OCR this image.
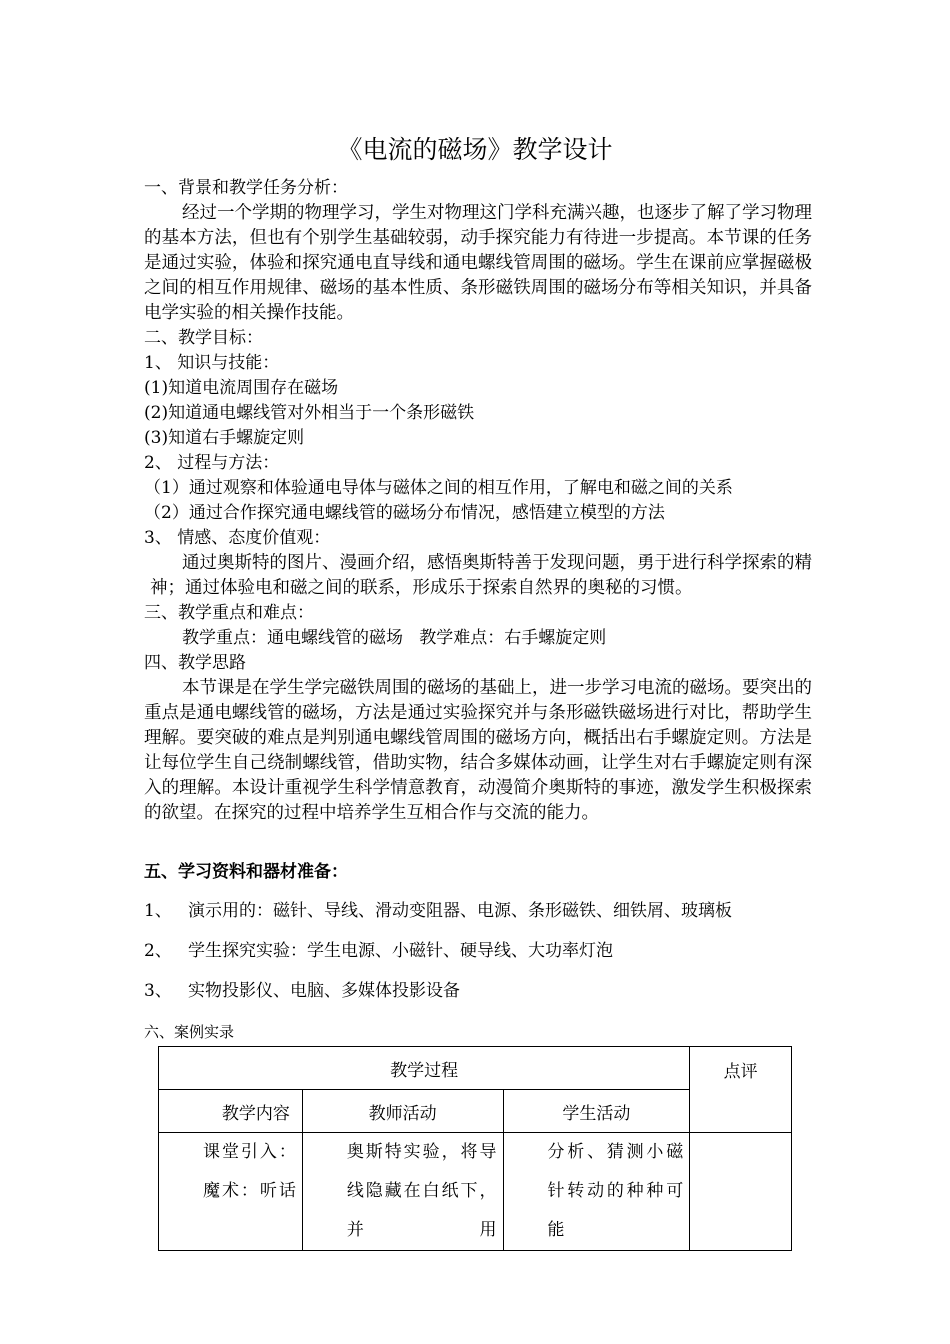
《电流的磁场》教学设计
一、背景和教学任务分析：
经过一个学期的物理学习，学生对物理这门学科充满兴趣，也逐步了解了学习物理的基本方法，但也有个别学生基础较弱，动手探究能力有待进一步提高。本节课的任务是通过实验，体验和探究通电直导线和通电螺线管周围的磁场。学生在课前应掌握磁极之间的相互作用规律、磁场的基本性质、条形磁铁周围的磁场分布等相关知识，并具备电学实验的相关操作技能。
二、教学目标：
1、 知识与技能：
(1)知道电流周围存在磁场
(2)知道通电螺线管对外相当于一个条形磁铁
(3)知道右手螺旋定则
2、 过程与方法：
（1）通过观察和体验通电导体与磁体之间的相互作用，了解电和磁之间的关系
（2）通过合作探究通电螺线管的磁场分布情况，感悟建立模型的方法
3、 情感、态度价值观：
通过奥斯特的图片、漫画介绍，感悟奥斯特善于发现问题，勇于进行科学探索的精神；通过体验电和磁之间的联系，形成乐于探索自然界的奥秘的习惯。
三、教学重点和难点：
教学重点：通电螺线管的磁场   教学难点：右手螺旋定则
四、教学思路
本节课是在学生学完磁铁周围的磁场的基础上，进一步学习电流的磁场。要突出的重点是通电螺线管的磁场，方法是通过实验探究并与条形磁铁磁场进行对比，帮助学生理解。要突破的难点是判别通电螺线管周围的磁场方向，概括出右手螺旋定则。方法是让每位学生自己绕制螺线管，借助实物，结合多媒体动画，让学生对右手螺旋定则有深入的理解。本设计重视学生科学情意教育，动漫简介奥斯特的事迹，激发学生积极探索的欲望。在探究的过程中培养学生互相合作与交流的能力。
五、学习资料和器材准备：
1、   演示用的：磁针、导线、滑动变阻器、电源、条形磁铁、细铁屑、玻璃板
2、   学生探究实验：学生电源、小磁针、硬导线、大功率灯泡
3、   实物投影仪、电脑、多媒体投影设备
六、案例实录
教学过程			点评
教学内容	教师活动	学生活动	
课堂引入：魔术：听话	奥斯特实验，将导线隐藏在白纸下，并用	分析、猜测小磁针转动的种种可能	
